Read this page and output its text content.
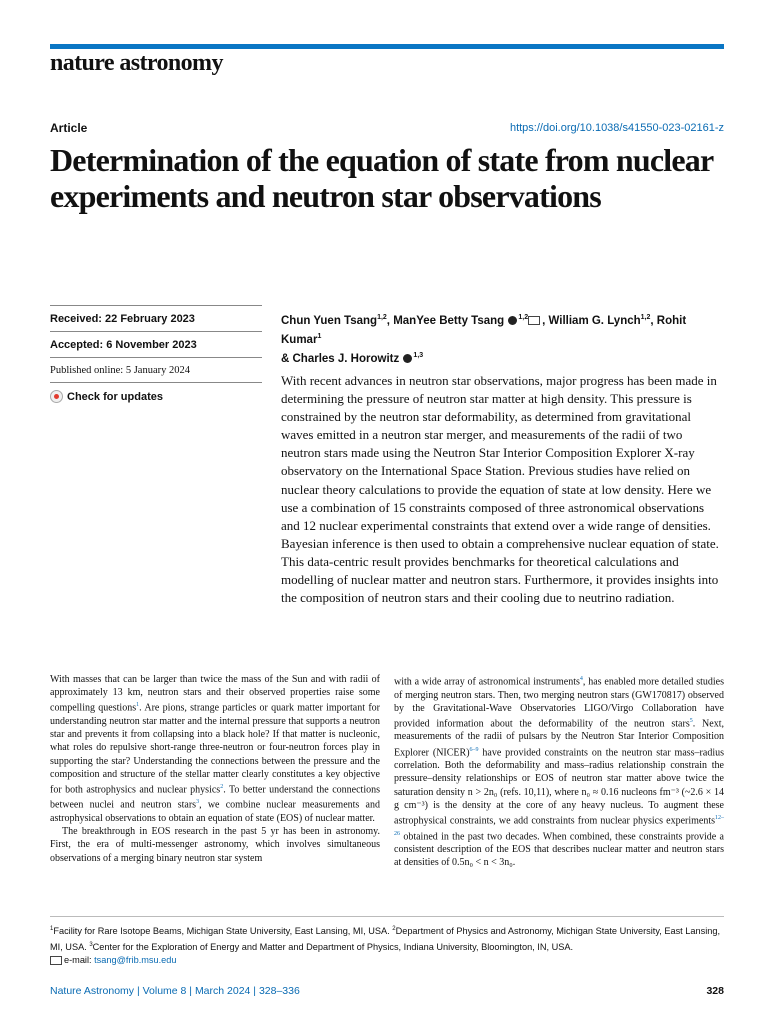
nature astronomy
Article	https://doi.org/10.1038/s41550-023-02161-z
Determination of the equation of state from nuclear experiments and neutron star observations
Received: 22 February 2023
Accepted: 6 November 2023
Published online: 5 January 2024
Check for updates
Chun Yuen Tsang$^{1,2}$, ManYee Betty Tsang $^{1,2}$ , William G. Lynch$^{1,2}$, Rohit Kumar$^1$
& Charles J. Horowitz $^{1,3}$

With recent advances in neutron star observations, major progress has been made in determining the pressure of neutron star matter at high density. This pressure is constrained by the neutron star deformability, as determined from gravitational waves emitted in a neutron star merger, and measurements of the radii of two neutron stars made using the Neutron Star Interior Composition Explorer X-ray observatory on the International Space Station. Previous studies have relied on nuclear theory calculations to provide the equation of state at low density. Here we use a combination of 15 constraints composed of three astronomical observations and 12 nuclear experimental constraints that extend over a wide range of densities. Bayesian inference is then used to obtain a comprehensive nuclear equation of state. This data-centric result provides benchmarks for theoretical calculations and modelling of nuclear matter and neutron stars. Furthermore, it provides insights into the composition of neutron stars and their cooling due to neutrino radiation.

With masses that can be larger than twice the mass of the Sun and with radii of approximately 13 km, neutron stars and their observed properties raise some compelling questions$^1$. Are pions, strange particles or quark matter important for understanding neutron star matter and the internal pressure that supports a neutron star and prevents it from collapsing into a black hole? If that matter is nucleonic, what roles do repulsive short-range three-neutron or four-neutron forces play in supporting the star? Understanding the connections between the pressure and the composition and structure of the stellar matter clearly constitutes a key objective for both astrophysics and nuclear physics$^2$. To better understand the connections between nuclei and neutron stars$^3$, we combine nuclear measurements and astrophysical observations to obtain an equation of state (EOS) of nuclear matter.

The breakthrough in EOS research in the past 5 yr has been in astronomy. First, the era of multi-messenger astronomy, which involves simultaneous observations of a merging binary neutron star system

with a wide array of astronomical instruments$^4$, has enabled more detailed studies of merging neutron stars. Then, two merging neutron stars (GW170817) observed by the Gravitational-Wave Observatories LIGO/Virgo Collaboration have provided information about the deformability of the neutron stars$^5$. Next, measurements of the radii of pulsars by the Neutron Star Interior Composition Explorer (NICER)$^{6-9}$ have provided constraints on the neutron star mass–radius correlation. Both the deformability and mass–radius relationship constrain the pressure–density relationships or EOS of neutron star matter above twice the saturation density n > 2n₀ (refs. 10,11), where n₀ ≈ 0.16 nucleons fm⁻³ (~2.6 × 14 g cm⁻³) is the density at the core of any heavy nucleus. To augment these astrophysical constraints, we add constraints from nuclear physics experiments$^{12-26}$ obtained in the past two decades. When combined, these constraints provide a consistent description of the EOS that describes nuclear matter and neutron stars at densities of 0.5n₀ < n < 3n₀.

$^1$Facility for Rare Isotope Beams, Michigan State University, East Lansing, MI, USA. $^2$Department of Physics and Astronomy, Michigan State University, East Lansing, MI, USA. $^3$Center for the Exploration of Energy and Matter and Department of Physics, Indiana University, Bloomington, IN, USA.
e-mail: tsang@frib.msu.edu
Nature Astronomy | Volume 8 | March 2024 | 328–336	328
